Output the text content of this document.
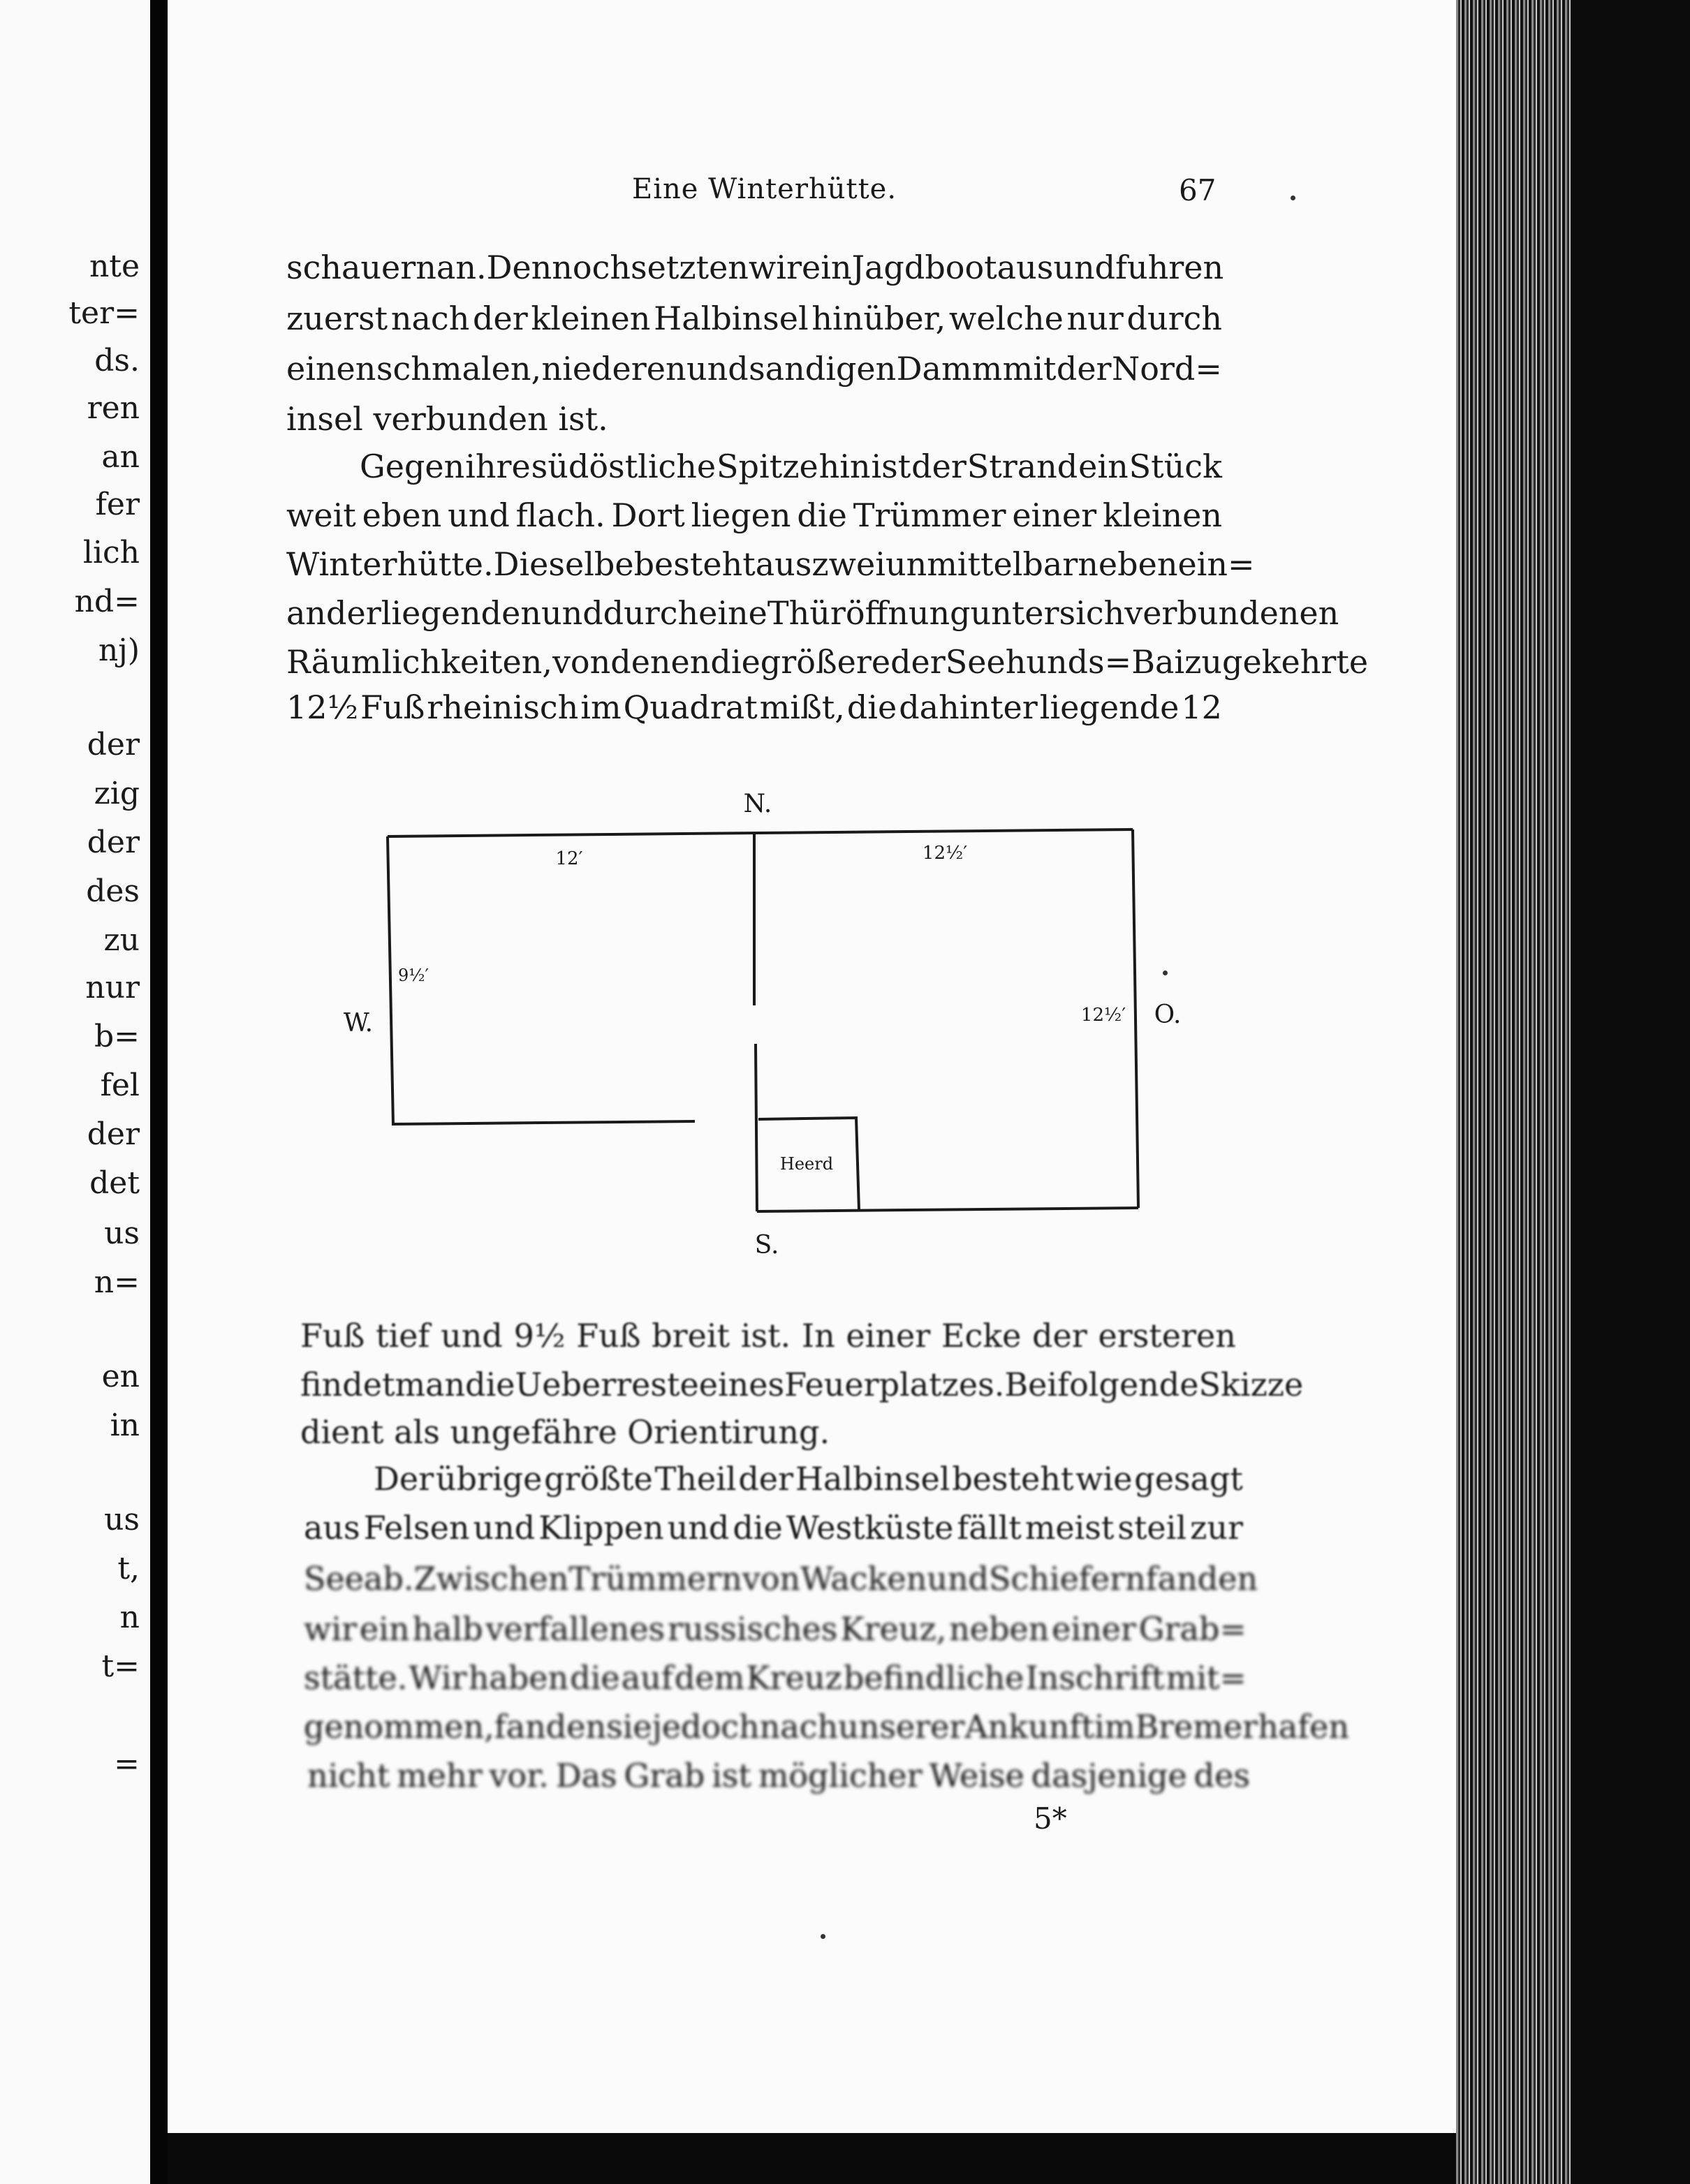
nte
ter=
ds.
ren
an
fer
lich
nd=
nj)
der
zig
der
des
zu
nur
b=
fel
der
det
us
n=
en
in
us
t,
n
t=
=
Eine Winterhütte.	67
schauern an. Dennoch setzten wir ein Jagdboot aus und fuhren
zuerst nach der kleinen Halbinsel hinüber, welche nur durch
einen schmalen, niederen und sandigen Damm mit der Nord=
insel verbunden ist.
Gegen ihre südöstliche Spitze hin ist der Strand ein Stück
weit eben und flach. Dort liegen die Trümmer einer kleinen
Winterhütte. Dieselbe besteht aus zwei unmittelbar neben ein=
ander liegenden und durch eine Thüröffnung unter sich verbundenen
Räumlichkeiten, von denen die größere der Seehunds=Bai zugekehrte
12½ Fuß rheinisch im Quadrat mißt, die dahinter liegende 12
N.
S.
W.	O.
12′
9½′
12½′
12½′
Heerd
Fuß tief und 9½ Fuß breit ist. In einer Ecke der ersteren
findet man die Ueberreste eines Feuerplatzes. Beifolgende Skizze
dient als ungefähre Orientirung.
Der übrige größte Theil der Halbinsel besteht wie gesagt
aus Felsen und Klippen und die Westküste fällt meist steil zur
See ab. Zwischen Trümmern von Wacken und Schiefern fanden
wir ein halb verfallenes russisches Kreuz, neben einer Grab=
stätte. Wir haben die auf dem Kreuz befindliche Inschrift mit=
genommen, fanden sie jedoch nach unserer Ankunft im Bremerhafen
nicht mehr vor. Das Grab ist möglicher Weise dasjenige des
5*
